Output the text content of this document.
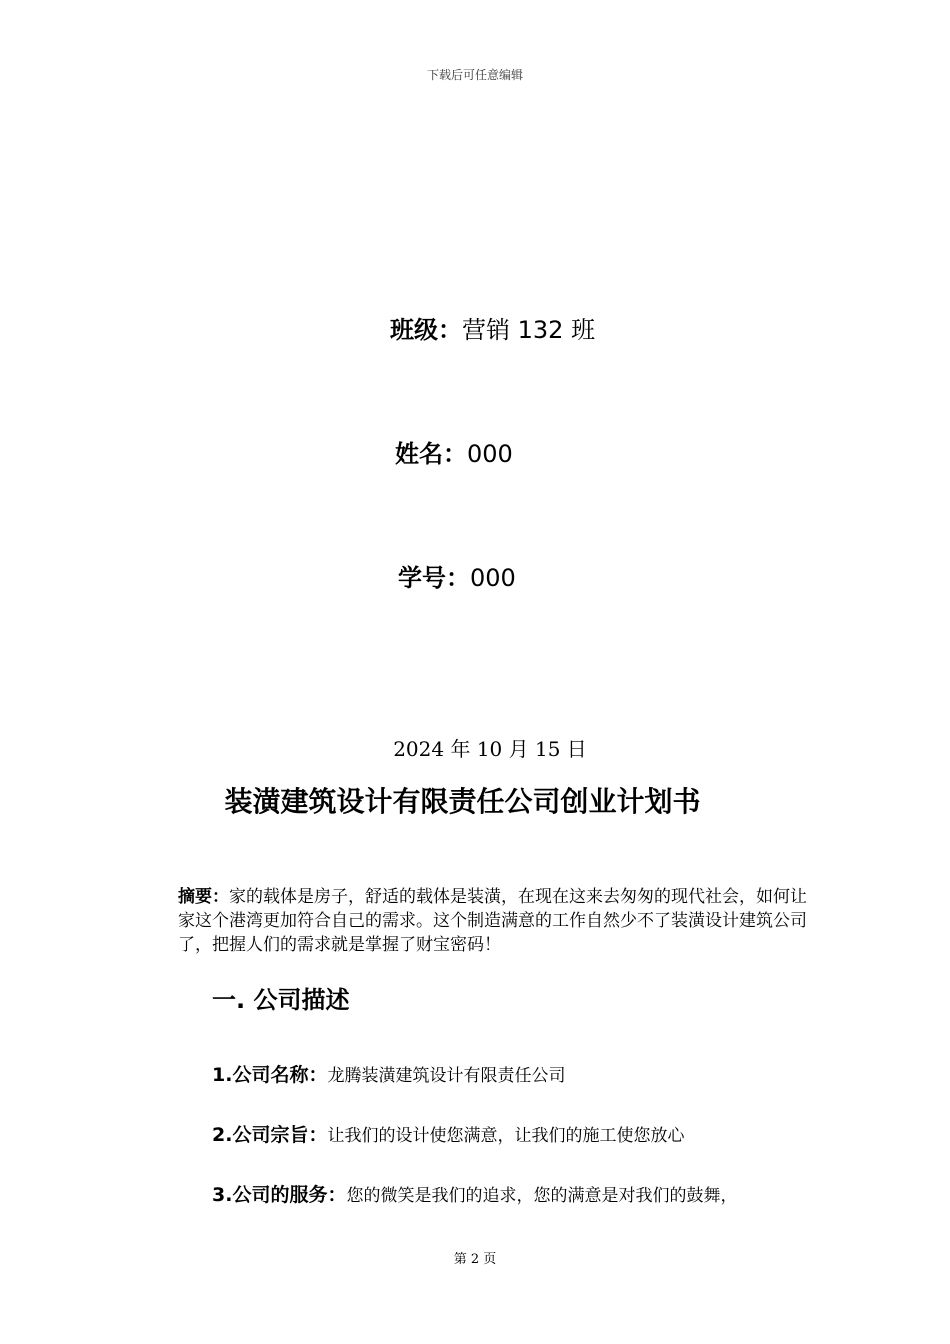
下载后可任意编辑
班级：营销 132 班
姓名：000
学号：000
2024 年 10 月 15 日
装潢建筑设计有限责任公司创业计划书
摘要：家的载体是房子，舒适的载体是装潢，在现在这来去匆匆的现代社会，如何让家这个港湾更加符合自己的需求。这个制造满意的工作自然少不了装潢设计建筑公司了，把握人们的需求就是掌握了财宝密码！
一. 公司描述
1.公司名称：龙腾装潢建筑设计有限责任公司
2.公司宗旨：让我们的设计使您满意，让我们的施工使您放心
3.公司的服务：您的微笑是我们的追求，您的满意是对我们的鼓舞，
第 2 页
